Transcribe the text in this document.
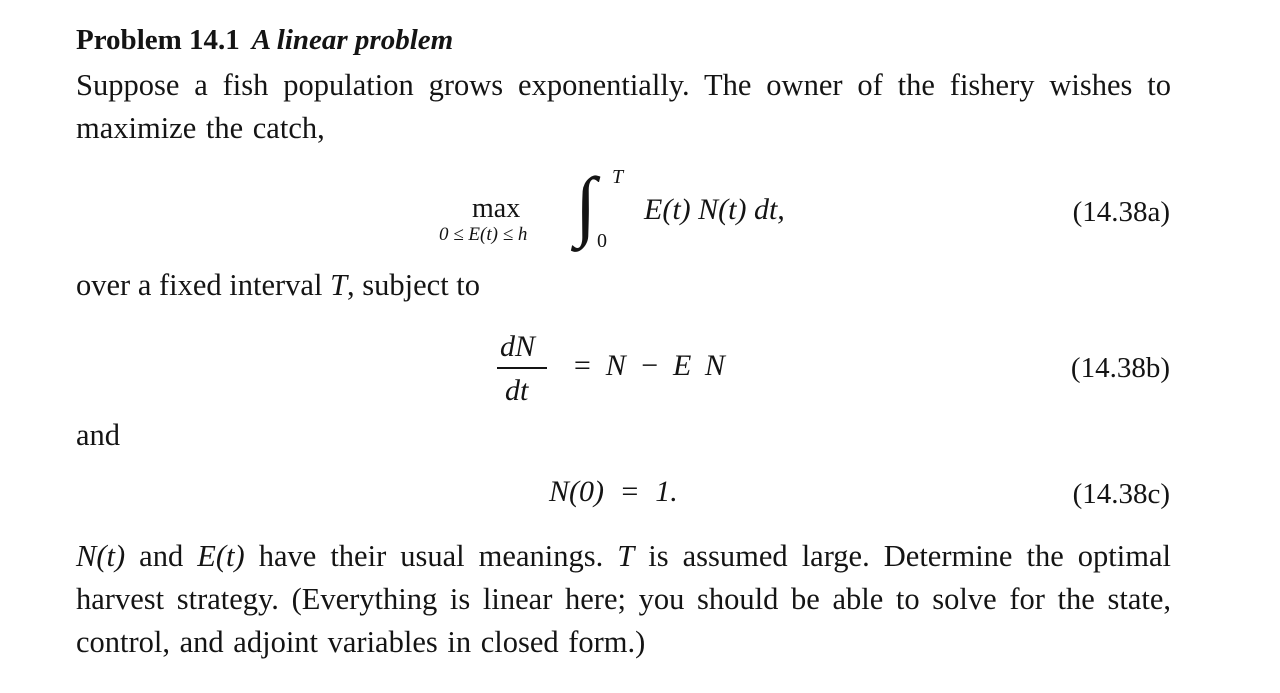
Problem 14.1 A linear problem
Suppose a fish population grows exponentially. The owner of the fishery wishes to maximize the catch,
max
0 ≤ E(t) ≤ h ∫ T
0
E(t) N(t) dt,	(14.38a)
over a fixed interval T, subject to
dN
dt
= N − E N	(14.38b)
and
N(0) = 1.	(14.38c)
N(t) and E(t) have their usual meanings. T is assumed large. Determine the optimal harvest strategy. (Everything is linear here; you should be able to solve for the state, control, and adjoint variables in closed form.)
